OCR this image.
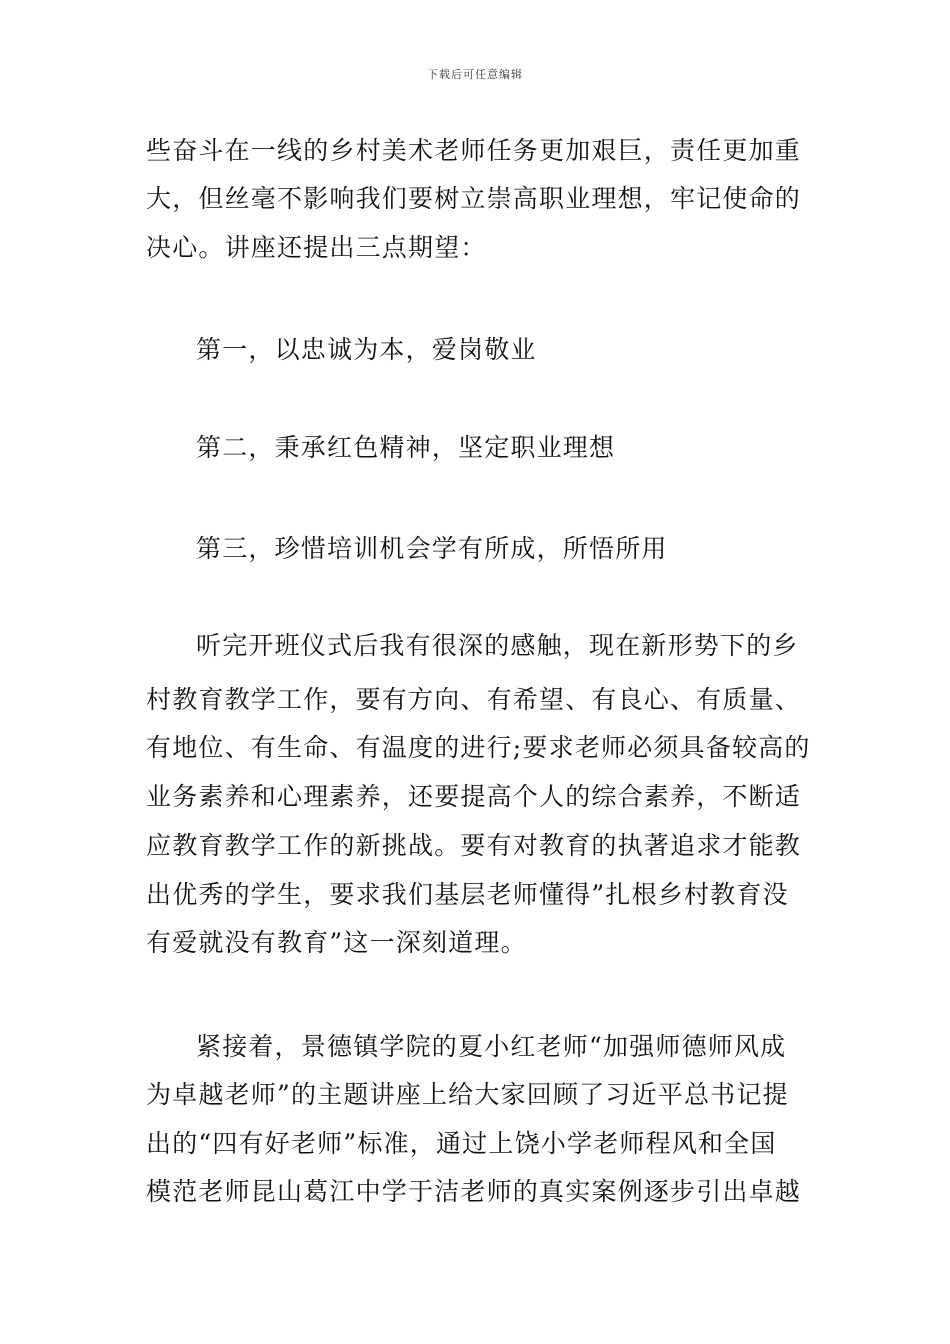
下载后可任意编辑
些奋斗在一线的乡村美术老师任务更加艰巨，责任更加重
大，但丝毫不影响我们要树立崇高职业理想，牢记使命的
决心。讲座还提出三点期望：
第一，以忠诚为本，爱岗敬业
第二，秉承红色精神，坚定职业理想
第三，珍惜培训机会学有所成，所悟所用
听完开班仪式后我有很深的感触，现在新形势下的乡
村教育教学工作，要有方向、有希望、有良心、有质量、
有地位、有生命、有温度的进行;要求老师必须具备较高的
业务素养和心理素养，还要提高个人的综合素养，不断适
应教育教学工作的新挑战。要有对教育的执著追求才能教
出优秀的学生，要求我们基层老师懂得”扎根乡村教育没
有爱就没有教育”这一深刻道理。
紧接着，景德镇学院的夏小红老师“加强师德师风成
为卓越老师”的主题讲座上给大家回顾了习近平总书记提
出的“四有好老师”标准，通过上饶小学老师程风和全国
模范老师昆山葛江中学于洁老师的真实案例逐步引出卓越
